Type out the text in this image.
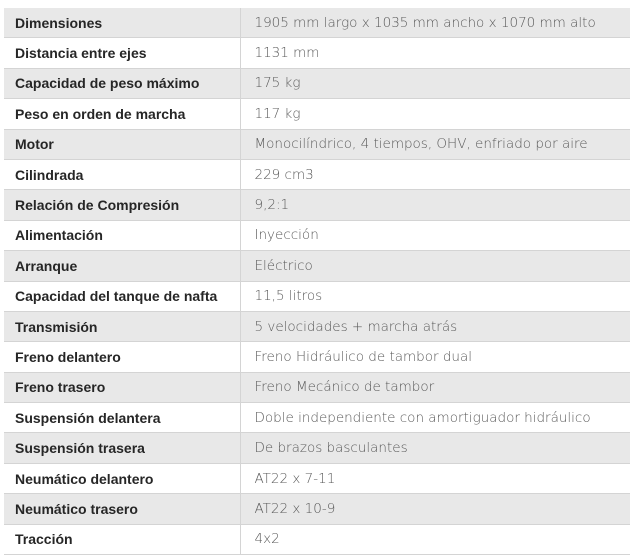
Dimensiones	1905 mm largo x 1035 mm ancho x 1070 mm alto
Distancia entre ejes	1131 mm
Capacidad de peso máximo	175 kg
Peso en orden de marcha	117 kg
Motor	Monocilíndrico, 4 tiempos, OHV, enfriado por aire
Cilindrada	229 cm3
Relación de Compresión	9,2:1
Alimentación	Inyección
Arranque	Eléctrico
Capacidad del tanque de nafta	11,5 litros
Transmisión	5 velocidades + marcha atrás
Freno delantero	Freno Hidráulico de tambor dual
Freno trasero	Freno Mecánico de tambor
Suspensión delantera	Doble independiente con amortiguador hidráulico
Suspensión trasera	De brazos basculantes
Neumático delantero	AT22 x 7-11
Neumático trasero	AT22 x 10-9
Tracción	4x2
